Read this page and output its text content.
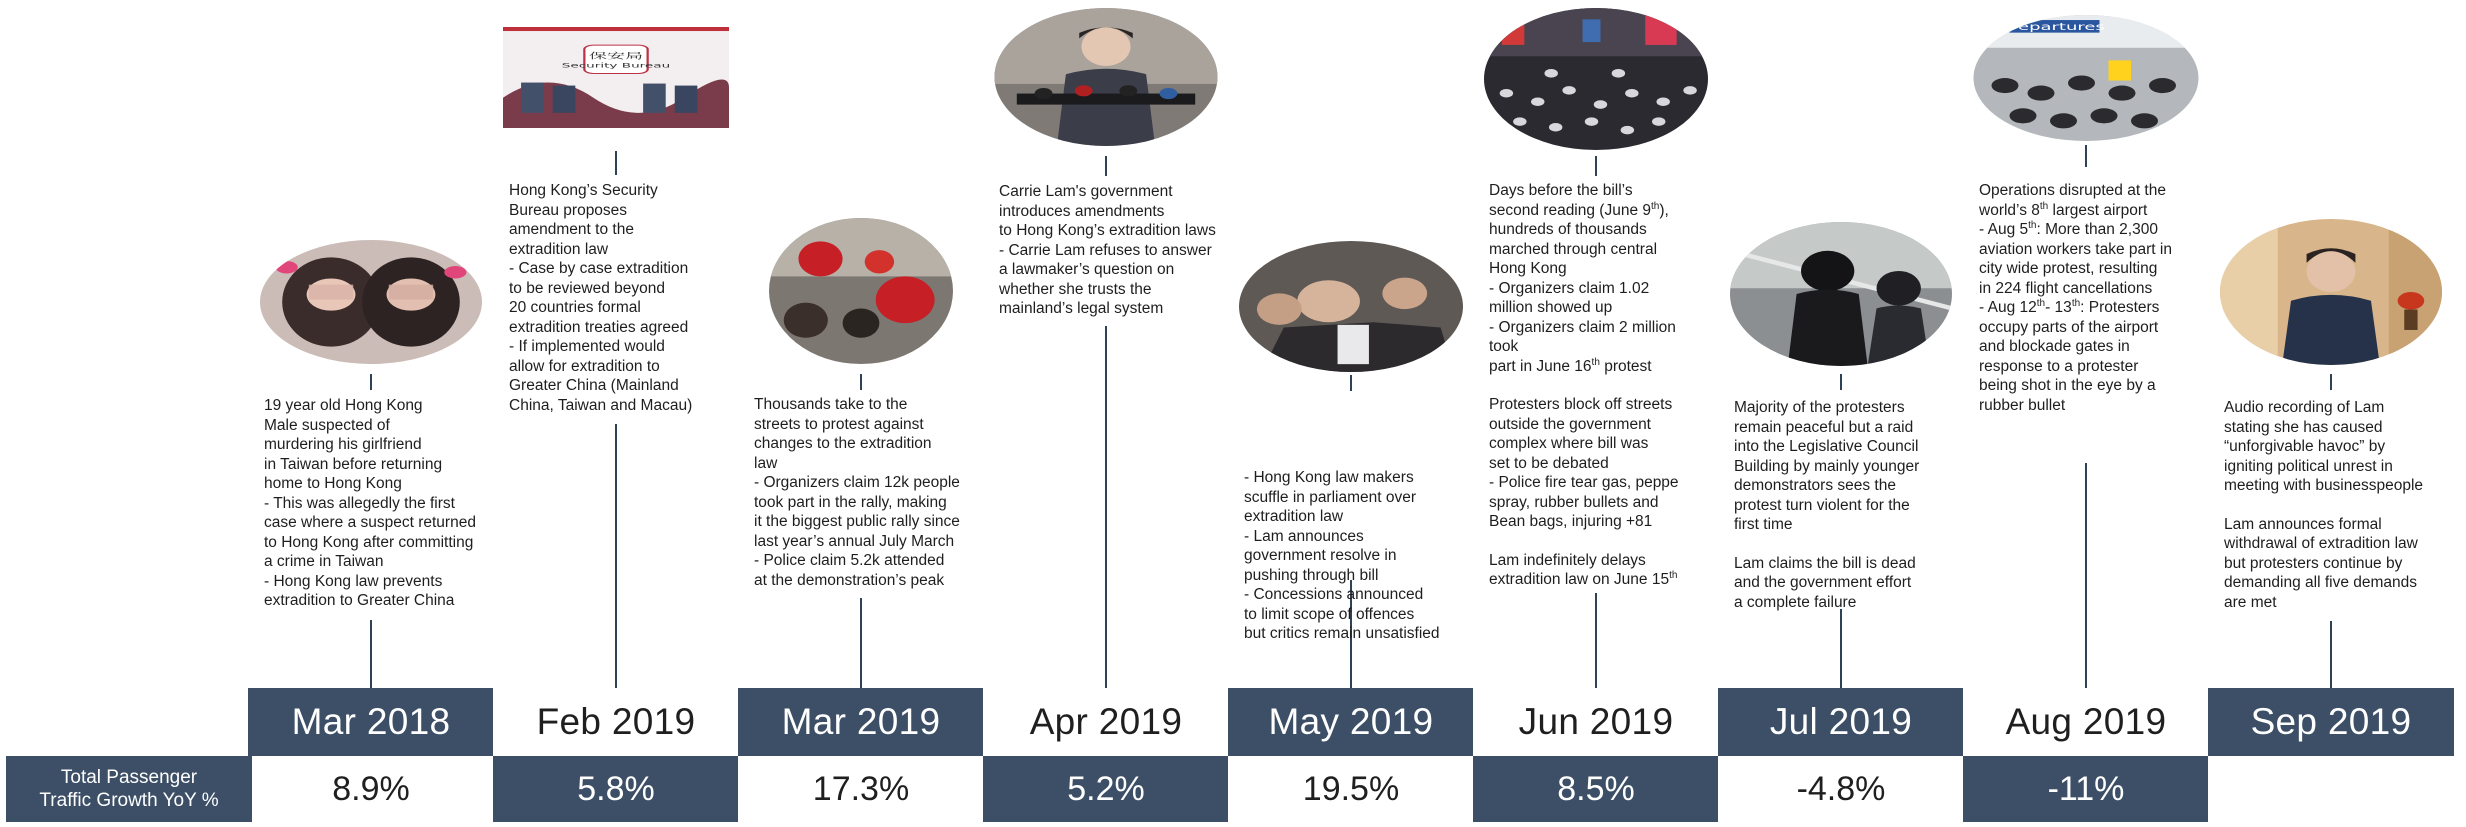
19 year old Hong Kong
Male suspected of
murdering his girlfriend
in Taiwan before returning
home to Hong Kong
- This was allegedly the first
case where a suspect returned
to Hong Kong after committing
a crime in Taiwan
- Hong Kong law prevents
extradition to Greater China

Mar 2018
8.9%
保安局
Security Bureau

Hong Kong’s Security
Bureau proposes
amendment to the
extradition law
- Case by case extradition
to be reviewed beyond
20 countries formal
extradition treaties agreed
- If implemented would
allow for extradition to
Greater China (Mainland
China, Taiwan and Macau)

Feb 2019
5.8%

Thousands take to the
streets to protest against
changes to the extradition
law
- Organizers claim 12k people
took part in the rally, making
it the biggest public rally since
last year’s annual July March
- Police claim 5.2k attended
at the demonstration’s peak

Mar 2019
17.3%

Carrie Lam's government
introduces amendments
to Hong Kong’s extradition laws
- Carrie Lam refuses to answer
a lawmaker’s question on
whether she trusts the
mainland’s legal system

Apr 2019
5.2%

- Hong Kong law makers
scuffle in parliament over
extradition law
- Lam announces
government resolve in
pushing through bill
- Concessions announced
to limit scope of offences
but critics remain unsatisfied

May 2019
19.5%

Days before the bill’s
second reading (June 9th),
hundreds of thousands
marched through central
Hong Kong
- Organizers claim 1.02
million showed up
- Organizers claim 2 million
took
part in June 16th protest

Protesters block off streets
outside the government
complex where bill was
set to be debated
- Police fire tear gas, peppe
spray, rubber bullets and
Bean bags, injuring +81

Lam indefinitely delays
extradition law on June 15th

Jun 2019
8.5%

Majority of the protesters
remain peaceful but a raid
into the Legislative Council
Building by mainly younger
demonstrators sees the
protest turn violent for the
first time

Lam claims the bill is dead
and the government effort
a complete failure

Jul 2019
-4.8%
Departures

Operations disrupted at the
world’s 8th largest airport
- Aug 5th: More than 2,300
aviation workers take part in
city wide protest, resulting
in 224 flight cancellations
- Aug 12th- 13th: Protesters
occupy parts of the airport
and blockade gates in
response to a protester
being shot in the eye by a
rubber bullet

Aug 2019
-11%

Audio recording of Lam
stating she has caused
“unforgivable havoc” by
igniting political unrest in
meeting with businesspeople

Lam announces formal
withdrawal of extradition law
but protesters continue by
demanding all five demands
are met

Sep 2019
Total Passenger
Traffic Growth YoY %
